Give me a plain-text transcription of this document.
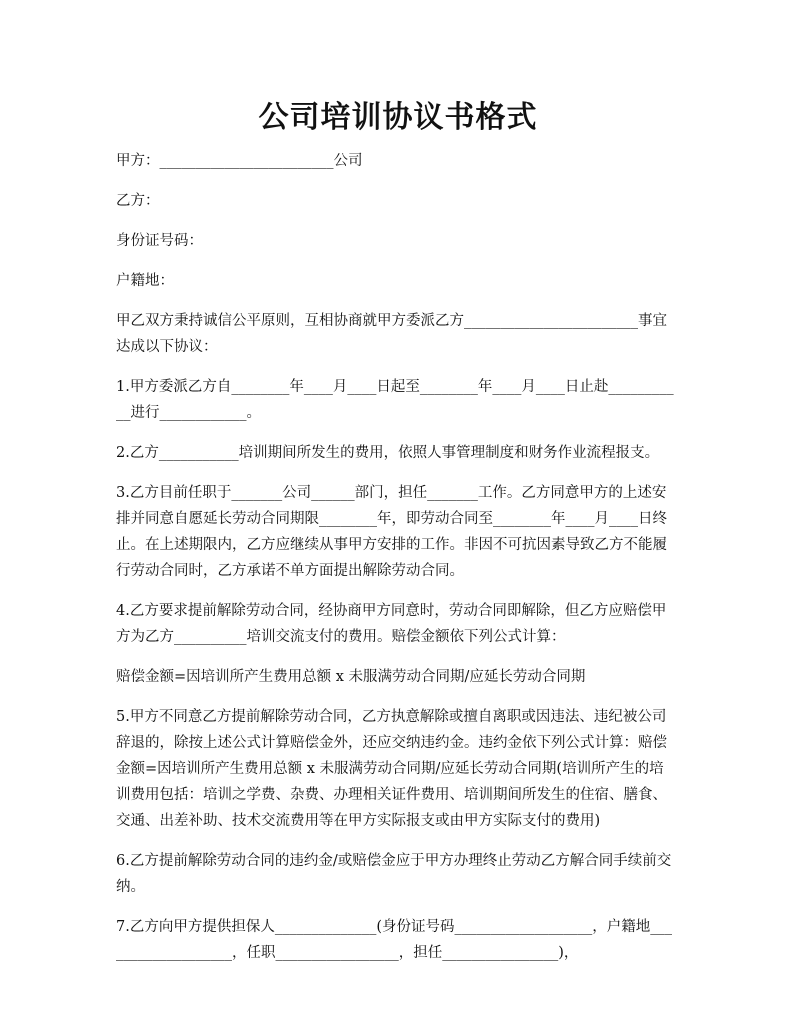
公司培训协议书格式

甲方：________________________公司

乙方：

身份证号码：

户籍地：

甲乙双方秉持诚信公平原则，互相协商就甲方委派乙方________________________事宜达成以下协议：

1.甲方委派乙方自________年____月____日起至________年____月____日止赴___________进行____________。

2.乙方___________培训期间所发生的费用，依照人事管理制度和财务作业流程报支。

3.乙方目前任职于_______公司______部门，担任_______工作。乙方同意甲方的上述安排并同意自愿延长劳动合同期限________年，即劳动合同至________年____月____日终止。在上述期限内，乙方应继续从事甲方安排的工作。非因不可抗因素导致乙方不能履行劳动合同时，乙方承诺不单方面提出解除劳动合同。

4.乙方要求提前解除劳动合同，经协商甲方同意时，劳动合同即解除，但乙方应赔偿甲方为乙方__________培训交流支付的费用。赔偿金额依下列公式计算：

赔偿金额=因培训所产生费用总额 x 未服满劳动合同期/应延长劳动合同期

5.甲方不同意乙方提前解除劳动合同，乙方执意解除或擅自离职或因违法、违纪被公司辞退的，除按上述公式计算赔偿金外，还应交纳违约金。违约金依下列公式计算：赔偿金额=因培训所产生费用总额 x 未服满劳动合同期/应延长劳动合同期(培训所产生的培训费用包括：培训之学费、杂费、办理相关证件费用、培训期间所发生的住宿、膳食、交通、出差补助、技术交流费用等在甲方实际报支或由甲方实际支付的费用)

6.乙方提前解除劳动合同的违约金/或赔偿金应于甲方办理终止劳动乙方解合同手续前交纳。

7.乙方向甲方提供担保人______________(身份证号码___________________，户籍地___________________，任职_________________，担任________________)，
